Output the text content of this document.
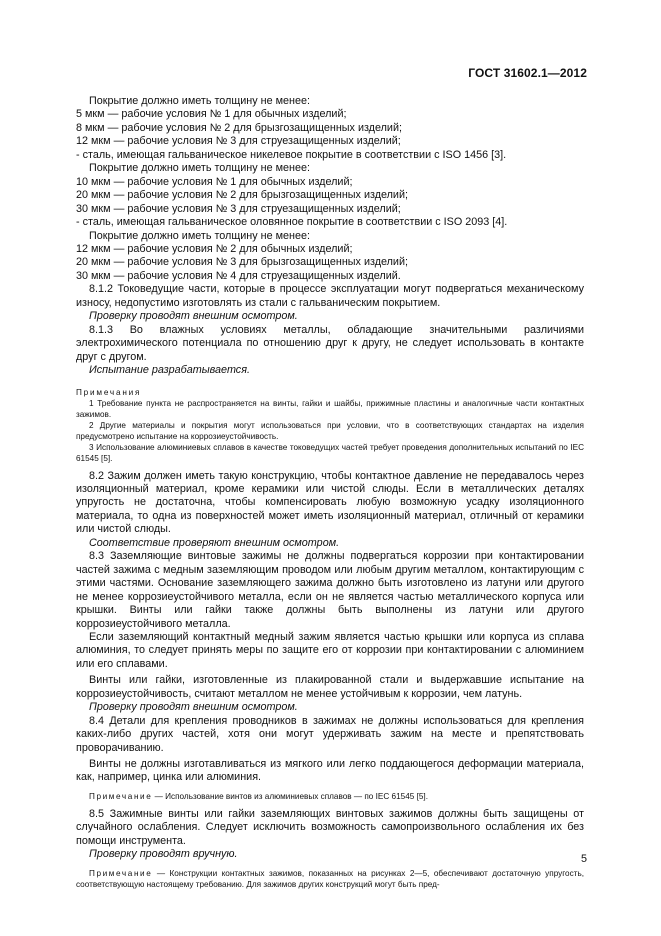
ГОСТ 31602.1—2012

Покрытие должно иметь толщину не менее:

5 мкм — рабочие условия № 1 для обычных изделий;

8 мкм — рабочие условия № 2 для брызгозащищенных изделий;

12 мкм — рабочие условия № 3 для струезащищенных изделий;

- сталь, имеющая гальваническое никелевое покрытие в соответствии с ISO 1456 [3].

Покрытие должно иметь толщину не менее:

10 мкм — рабочие условия № 1 для обычных изделий;

20 мкм — рабочие условия № 2 для брызгозащищенных изделий;

30 мкм — рабочие условия № 3 для струезащищенных изделий;

- сталь, имеющая гальваническое оловянное покрытие в соответствии с ISO 2093 [4].

Покрытие должно иметь толщину не менее:

12 мкм — рабочие условия № 2 для обычных изделий;

20 мкм — рабочие условия № 3 для брызгозащищенных изделий;

30 мкм — рабочие условия № 4 для струезащищенных изделий.

8.1.2 Токоведущие части, которые в процессе эксплуатации могут подвергаться механическому износу, недопустимо изготовлять из стали с гальваническим покрытием.

Проверку проводят внешним осмотром.

8.1.3 Во влажных условиях металлы, обладающие значительными различиями электрохимического потенциала по отношению друг к другу, не следует использовать в контакте друг с другом.

Испытание разрабатывается.

Примечания

1 Требование пункта не распространяется на винты, гайки и шайбы, прижимные пластины и аналогичные части контактных зажимов.

2 Другие материалы и покрытия могут использоваться при условии, что в соответствующих стандартах на изделия предусмотрено испытание на коррозиеустойчивость.

3 Использование алюминиевых сплавов в качестве токоведущих частей требует проведения дополнительных испытаний по IEC 61545 [5].

8.2 Зажим должен иметь такую конструкцию, чтобы контактное давление не передавалось через изоляционный материал, кроме керамики или чистой слюды. Если в металлических деталях упругость не достаточна, чтобы компенсировать любую возможную усадку изоляционного материала, то одна из поверхностей может иметь изоляционный материал, отличный от керамики или чистой слюды.

Соответствие проверяют внешним осмотром.

8.3 Заземляющие винтовые зажимы не должны подвергаться коррозии при контактировании частей зажима с медным заземляющим проводом или любым другим металлом, контактирующим с этими частями. Основание заземляющего зажима должно быть изготовлено из латуни или другого не менее коррозиеустойчивого металла, если он не является частью металлического корпуса или крышки. Винты или гайки также должны быть выполнены из латуни или другого коррозиеустойчивого металла.

Если заземляющий контактный медный зажим является частью крышки или корпуса из сплава алюминия, то следует принять меры по защите его от коррозии при контактировании с алюминием или его сплавами.

Винты или гайки, изготовленные из плакированной стали и выдержавшие испытание на коррозиеустойчивость, считают металлом не менее устойчивым к коррозии, чем латунь.

Проверку проводят внешним осмотром.

8.4 Детали для крепления проводников в зажимах не должны использоваться для крепления каких-либо других частей, хотя они могут удерживать зажим на месте и препятствовать проворачиванию.

Винты не должны изготавливаться из мягкого или легко поддающегося деформации материала, как, например, цинка или алюминия.

Примечание — Использование винтов из алюминиевых сплавов — по IEC 61545 [5].

8.5 Зажимные винты или гайки заземляющих винтовых зажимов должны быть защищены от случайного ослабления. Следует исключить возможность самопроизвольного ослабления их без помощи инструмента.

Проверку проводят вручную.

Примечание — Конструкции контактных зажимов, показанных на рисунках 2—5, обеспечивают достаточную упругость, соответствующую настоящему требованию. Для зажимов других конструкций могут быть пред-

5
